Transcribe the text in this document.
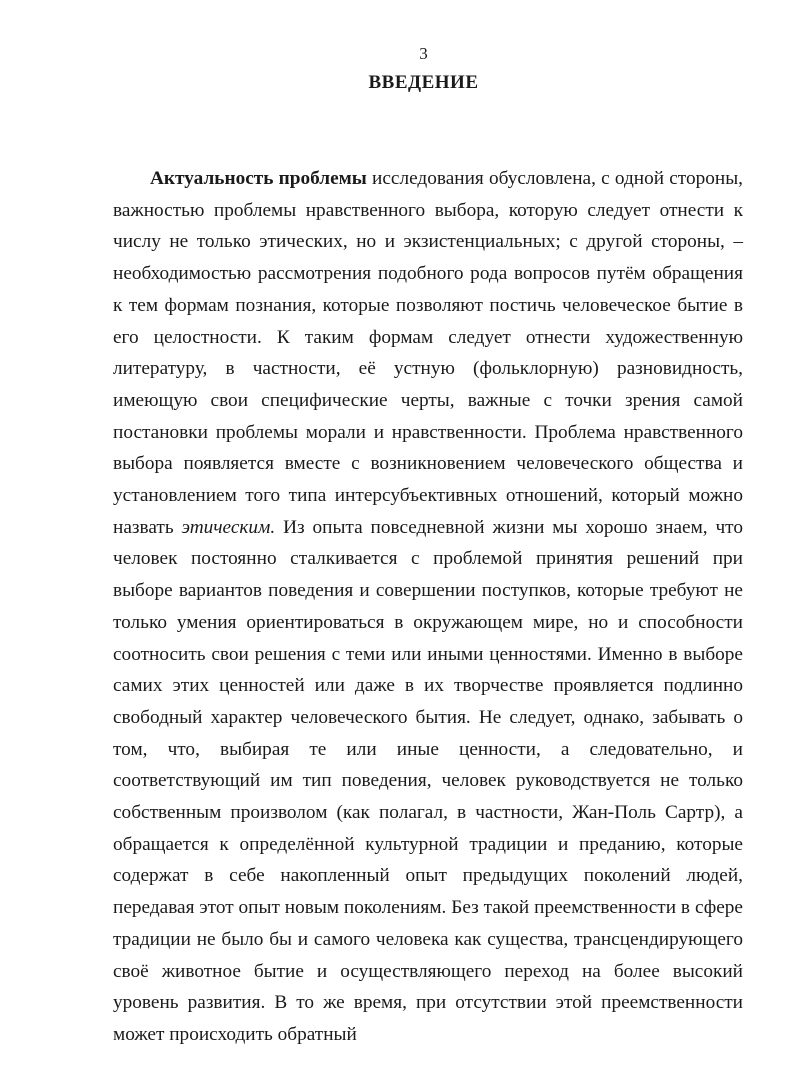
3
ВВЕДЕНИЕ

Актуальность проблемы исследования обусловлена, с одной стороны, важностью проблемы нравственного выбора, которую следует отнести к числу не только этических, но и экзистенциальных; с другой стороны, – необходимостью рассмотрения подобного рода вопросов путём обращения к тем формам познания, которые позволяют постичь человеческое бытие в его целостности. К таким формам следует отнести художественную литературу, в частности, её устную (фольклорную) разновидность, имеющую свои специфические черты, важные с точки зрения самой постановки проблемы морали и нравственности. Проблема нравственного выбора появляется вместе с возникновением человеческого общества и установлением того типа интерсубъективных отношений, который можно назвать этическим. Из опыта повседневной жизни мы хорошо знаем, что человек постоянно сталкивается с проблемой принятия решений при выборе вариантов поведения и совершении поступков, которые требуют не только умения ориентироваться в окружающем мире, но и способности соотносить свои решения с теми или иными ценностями. Именно в выборе самих этих ценностей или даже в их творчестве проявляется подлинно свободный характер человеческого бытия. Не следует, однако, забывать о том, что, выбирая те или иные ценности, а следовательно, и соответствующий им тип поведения, человек руководствуется не только собственным произволом (как полагал, в частности, Жан-Поль Сартр), а обращается к определённой культурной традиции и преданию, которые содержат в себе накопленный опыт предыдущих поколений людей, передавая этот опыт новым поколениям. Без такой преемственности в сфере традиции не было бы и самого человека как существа, трансцендирующего своё животное бытие и осуществляющего переход на более высокий уровень развития. В то же время, при отсутствии этой преемственности может происходить обратный
